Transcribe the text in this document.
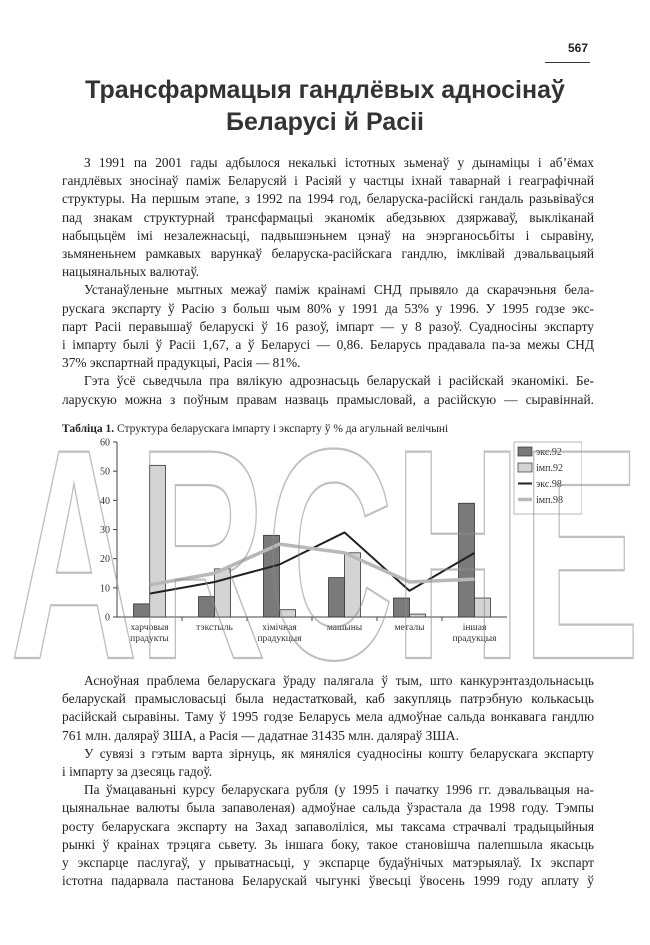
567
Трансфармацыя гандлёвых адносінаў
Беларусі й Расіі
З 1991 па 2001 гады адбылося некалькі істотных зьменаў у дынаміцы і аб’ёмах
гандлёвых зносінаў паміж Беларусяй і Расіяй у частцы іхнай таварнай і геаграфічнай
структуры. На першым этапе, з 1992 па 1994 год, беларуска-расійскі гандаль разьвіваўся
пад знакам структурнай трансфармацыі эканомік абедзьвюх дзяржаваў, выкліканай
набыцьцём імі незалежнасьці, падвышэньнем цэнаў на энэрганосьбіты і сыравіну,
зьмяненьнем рамкавых варункаў беларуска-расійскага гандлю, імклівай дэвальвацыяй
нацыянальных валютаў.
Устанаўленьне мытных межаў паміж краінамі СНД прывяло да скарачэньня бела-
рускага экспарту ў Расію з больш чым 80% у 1991 да 53% у 1996. У 1995 годзе экс-
парт Расіі перавышаў беларускі ў 16 разоў, імпарт — у 8 разоў. Суадносіны экспарту
і імпарту былі ў Расіі 1,67, а ў Беларусі — 0,86. Беларусь прадавала па-за межы СНД
37% экспартнай прадукцыі, Расія — 81%.
Гэта ўсё сьведчыла пра вялікую адрознасьць беларускай і расійскай эканомікі. Бе-
ларускую можна з поўным правам назваць прамысловай, а расійскую — сыравіннай.
Табліца 1. Структура беларускага імпарту і экспарту ў % да агульнай велічыні
0
10
20
30
40
50
60
харчовыя
прадукты
тэкстыль	хімічная
прадукцыя
машыны	металы	іншая
прадукцыя
экс.92
імп.92
экс.98
імп.98
Асноўная праблема беларускага ўраду палягала ў тым, што канкурэнтаздольнасьць
беларускай прамысловасьці была недастатковай, каб закупляць патрэбную колькасьць
расійскай сыравіны. Таму ў 1995 годзе Беларусь мела адмоўнае сальда вонкавага гандлю
761 млн. даляраў ЗША, а Расія — дадатнае 31435 млн. даляраў ЗША.
У сувязі з гэтым варта зірнуць, як мяняліся суадносіны кошту беларускага экспарту
і імпарту за дзесяць гадоў.
Па ўмацаваньні курсу беларускага рубля (у 1995 і пачатку 1996 гг. дэвальвацыя на-
цыянальнае валюты была запаволеная) адмоўнае сальда ўзрастала да 1998 году. Тэмпы
росту беларускага экспарту на Захад запаволіліся, мы таксама страчвалі традыцыйныя
рынкі ў краінах трэцяга сьвету. Зь іншага боку, такое становішча палепшыла якасьць
у экспарце паслугаў, у прыватнасьці, у экспарце будаўнічых матэрыялаў. Іх экспарт
істотна падарвала пастанова Беларускай чыгункі ўвесьці ўвосень 1999 году аплату ў
ARCHE
